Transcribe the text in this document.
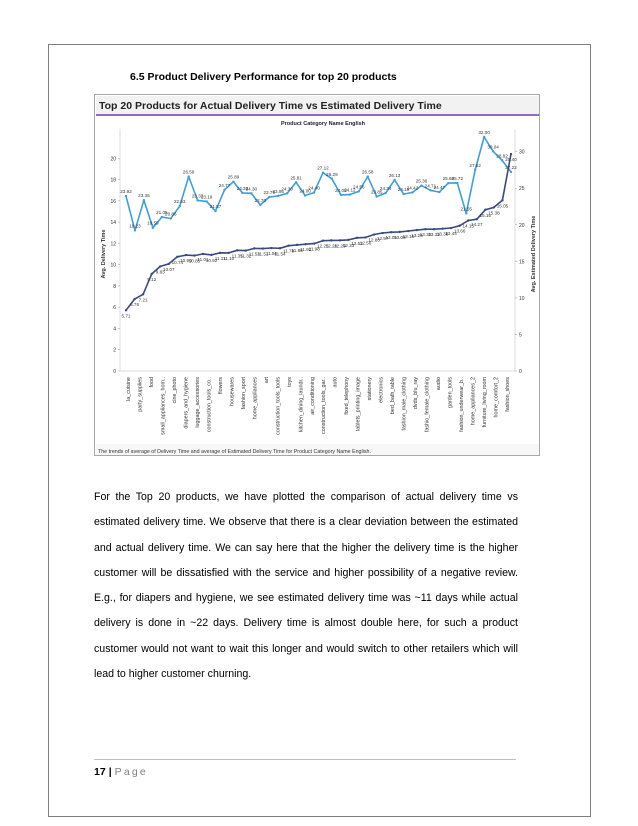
6.5 Product Delivery Performance for top 20 products
Top 20 Products for Actual Delivery Time vs Estimated Delivery Time
Product Category Name English
0
2
4
6
8
10
12
14
16
18
20
0
5
10
15
20
25
30
Avg. Delivery Time	Avg. Estimated Delivery Time
la_cuisine party_supplies food small_appliances_hom.. cine_photo diapers_and_hygiene luggage_accessories construction_tools_co.. flowers housewares fashion_sport home_appliances art construction_tools_tools toys kitchen_dining_laundr.. air_conditioning construction_tools_gar.. auto fixed_telephony tablets_printing_image stationery electronics bed_bath_table fashion_male_clothing dvds_blu_ray fashio_female_clothing audio garden_tools fashion_underwear_b.. home_appliances_2 furniture_living_room home_comfort_2 fashion_shoes
23.92
19.23
23.36
19.59
21.05
20.86
22.53
26.58
23.33
23.19
21.87
24.77
25.89
24.36
24.30
22.70
23.79
23.95
24.30
25.81
24.00
24.40
27.12
26.29
24.08
24.12
24.56
26.58
23.85
24.34
26.13
24.19
24.42
25.36
24.71
24.47
25.69
25.72
21.55
27.52
32.00
30.04
28.82
27.22
5.71
6.76
7.21
9.12
9.83
10.07
10.74
10.90
10.85
11.01
10.92
11.11
11.10
11.35
11.32
11.53
11.51
11.56
11.54
11.78
11.86
11.92
11.98
12.25
12.28
12.29
12.33
12.52
12.56
12.83
12.97
13.05
13.08
13.16
13.25
13.33
13.33
13.38
13.44
13.66
14.15
14.27
15.16
15.38
16.05
20.40
The trends of average of Delivery Time and average of Estimated Delivery Time for Product Category Name English.

For the Top 20 products, we have plotted the comparison of actual delivery time vs estimated delivery time. We observe that there is a clear deviation between the estimated and actual delivery time. We can say here that the higher the delivery time is the higher customer will be dissatisfied with the service and higher possibility of a negative review. E.g., for diapers and hygiene, we see estimated delivery time was ~11 days while actual delivery is done in ~22 days. Delivery time is almost double here, for such a product customer would not want to wait this longer and would switch to other retailers which will lead to higher customer churning.

17 | Page
